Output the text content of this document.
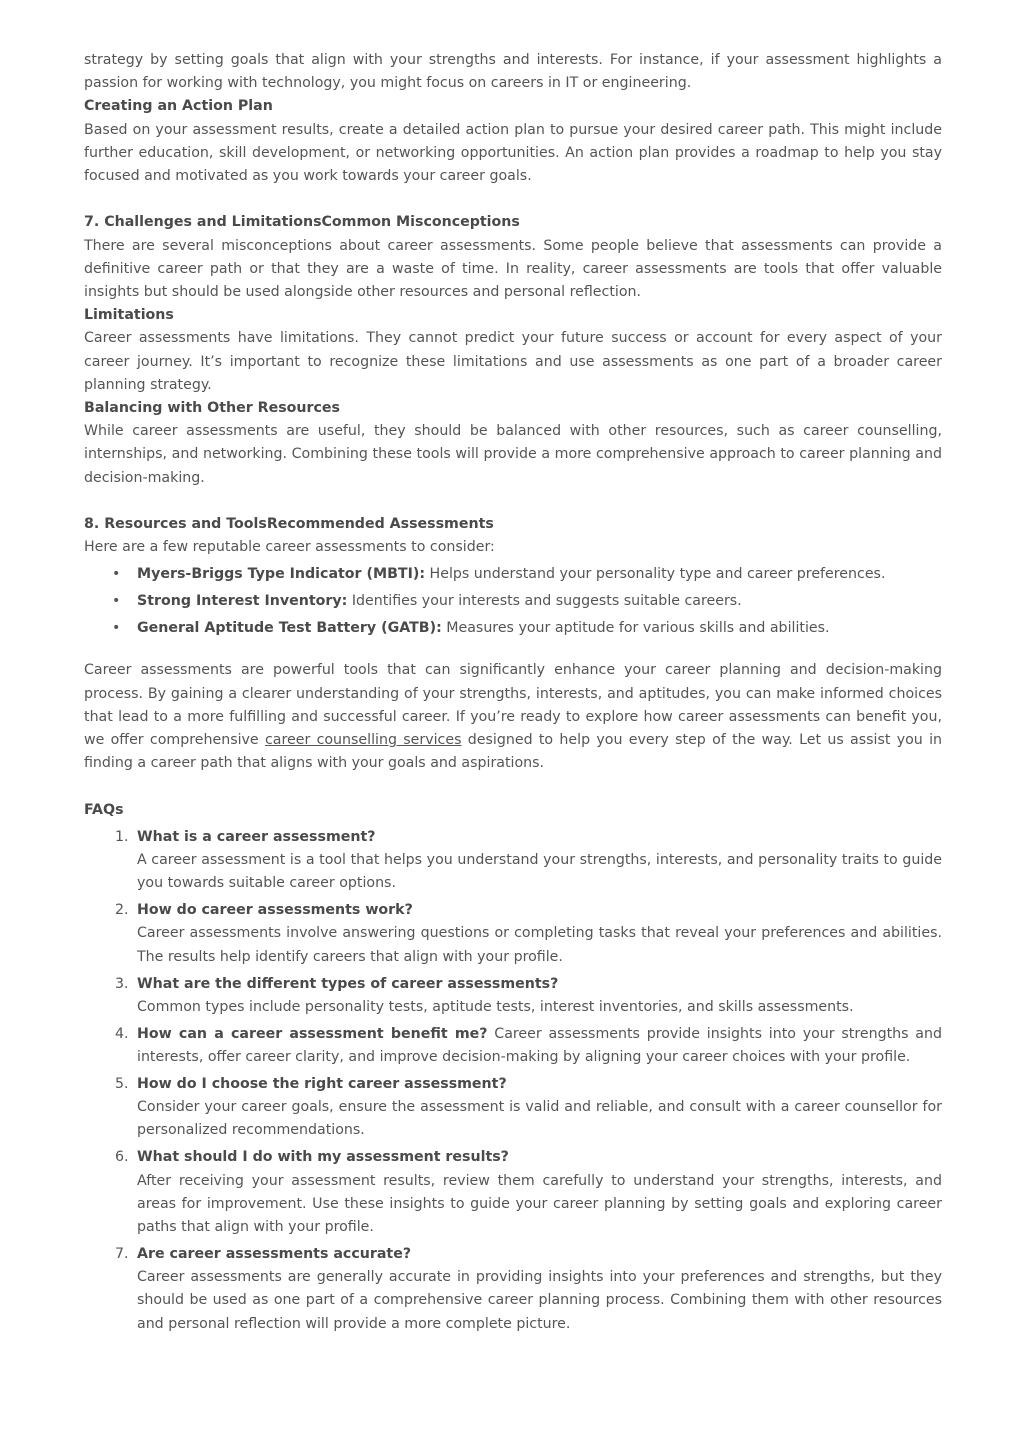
strategy by setting goals that align with your strengths and interests. For instance, if your assessment highlights a passion for working with technology, you might focus on careers in IT or engineering.

Creating an Action Plan

Based on your assessment results, create a detailed action plan to pursue your desired career path. This might include further education, skill development, or networking opportunities. An action plan provides a roadmap to help you stay focused and motivated as you work towards your career goals.

7. Challenges and LimitationsCommon Misconceptions

There are several misconceptions about career assessments. Some people believe that assessments can provide a definitive career path or that they are a waste of time. In reality, career assessments are tools that offer valuable insights but should be used alongside other resources and personal reflection.

Limitations

Career assessments have limitations. They cannot predict your future success or account for every aspect of your career journey. It’s important to recognize these limitations and use assessments as one part of a broader career planning strategy.

Balancing with Other Resources

While career assessments are useful, they should be balanced with other resources, such as career counselling, internships, and networking. Combining these tools will provide a more comprehensive approach to career planning and decision-making.

8. Resources and ToolsRecommended Assessments

Here are a few reputable career assessments to consider:

• Myers-Briggs Type Indicator (MBTI): Helps understand your personality type and career preferences.
• Strong Interest Inventory: Identifies your interests and suggests suitable careers.
• General Aptitude Test Battery (GATB): Measures your aptitude for various skills and abilities.

Career assessments are powerful tools that can significantly enhance your career planning and decision-making process. By gaining a clearer understanding of your strengths, interests, and aptitudes, you can make informed choices that lead to a more fulfilling and successful career. If you’re ready to explore how career assessments can benefit you, we offer comprehensive career counselling services designed to help you every step of the way. Let us assist you in finding a career path that aligns with your goals and aspirations.

FAQs

1. What is a career assessment?
A career assessment is a tool that helps you understand your strengths, interests, and personality traits to guide you towards suitable career options.
2. How do career assessments work?
Career assessments involve answering questions or completing tasks that reveal your preferences and abilities. The results help identify careers that align with your profile.
3. What are the different types of career assessments?
Common types include personality tests, aptitude tests, interest inventories, and skills assessments.
4. How can a career assessment benefit me? Career assessments provide insights into your strengths and interests, offer career clarity, and improve decision-making by aligning your career choices with your profile.
5. How do I choose the right career assessment?
Consider your career goals, ensure the assessment is valid and reliable, and consult with a career counsellor for personalized recommendations.
6. What should I do with my assessment results?
After receiving your assessment results, review them carefully to understand your strengths, interests, and areas for improvement. Use these insights to guide your career planning by setting goals and exploring career paths that align with your profile.
7. Are career assessments accurate?
Career assessments are generally accurate in providing insights into your preferences and strengths, but they should be used as one part of a comprehensive career planning process. Combining them with other resources and personal reflection will provide a more complete picture.
